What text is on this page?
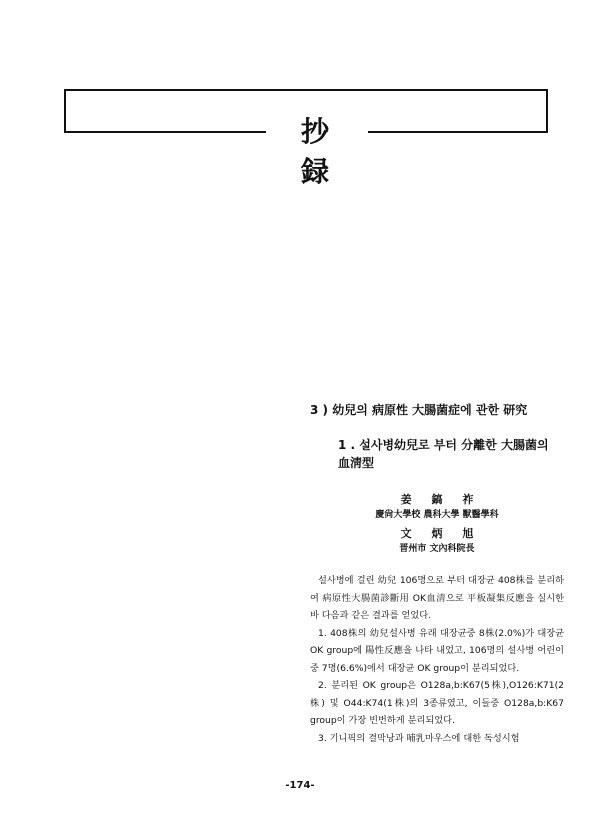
抄 録

3 ) 幼兒의 病原性 大腸菌症에 관한 研究

1 . 설사병幼兒로 부터 分離한 大腸菌의 血淸型

姜 鎬 祚
慶尙大學校 農科大學 獸醫學科
文 炳 旭
晋州市 文內科院長

설사병에 걸린 幼兒 106명으로 부터 대장균 408株를 분리하여 病原性大腸菌診斷用 OK血淸으로 平板凝集反應을 실시한 바 다음과 같은 결과를 얻었다.

1. 408株의 幼兒설사병 유래 대장균중 8株(2.0%)가 대장균 OK group에 陽性反應을 나타 내었고, 106명의 설사병 어린이중 7명(6.6%)에서 대장균 OK group이 분리되었다.

2. 분리된 OK group은 O128a,b:K67(5株),O126:K71(2株) 및 O44:K74(1株)의 3종류였고, 이들중 O128a,b:K67 group이 가장 빈번하게 분리되었다.

3. 기니픽의 결막낭과 哺乳마우스에 대한 독성시험

-174-
